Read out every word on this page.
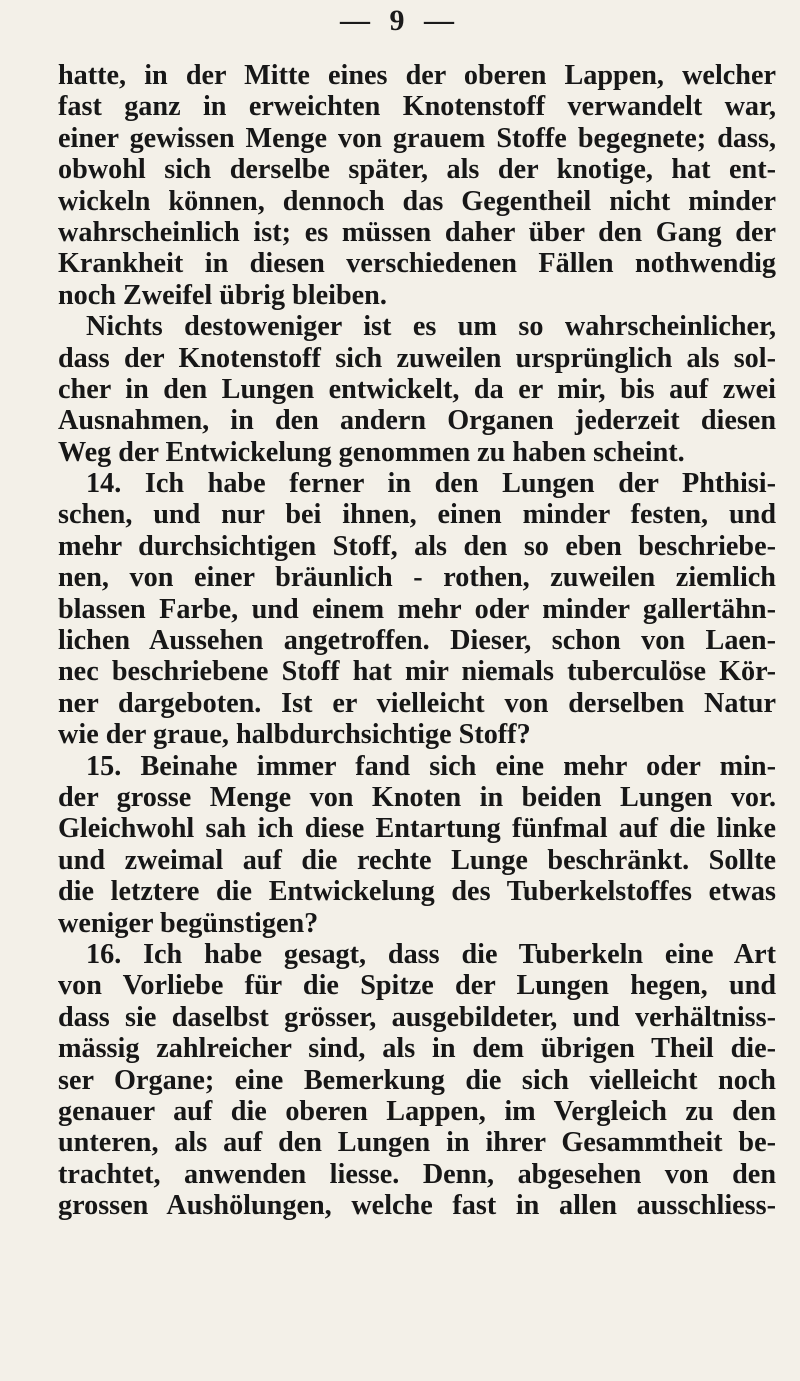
— 9 —
hatte, in der Mitte eines der oberen Lappen, welcher
fast ganz in erweichten Knotenstoff verwandelt war,
einer gewissen Menge von grauem Stoffe begegnete; dass,
obwohl sich derselbe später, als der knotige, hat ent-
wickeln können, dennoch das Gegentheil nicht minder
wahrscheinlich ist; es müssen daher über den Gang der
Krankheit in diesen verschiedenen Fällen nothwendig
noch Zweifel übrig bleiben.
Nichts destoweniger ist es um so wahrscheinlicher,
dass der Knotenstoff sich zuweilen ursprünglich als sol-
cher in den Lungen entwickelt, da er mir, bis auf zwei
Ausnahmen, in den andern Organen jederzeit diesen
Weg der Entwickelung genommen zu haben scheint.
14. Ich habe ferner in den Lungen der Phthisi-
schen, und nur bei ihnen, einen minder festen, und
mehr durchsichtigen Stoff, als den so eben beschriebe-
nen, von einer bräunlich - rothen, zuweilen ziemlich
blassen Farbe, und einem mehr oder minder gallertähn-
lichen Aussehen angetroffen. Dieser, schon von Laen-
nec beschriebene Stoff hat mir niemals tuberculöse Kör-
ner dargeboten. Ist er vielleicht von derselben Natur
wie der graue, halbdurchsichtige Stoff?
15. Beinahe immer fand sich eine mehr oder min-
der grosse Menge von Knoten in beiden Lungen vor.
Gleichwohl sah ich diese Entartung fünfmal auf die linke
und zweimal auf die rechte Lunge beschränkt. Sollte
die letztere die Entwickelung des Tuberkelstoffes etwas
weniger begünstigen?
16. Ich habe gesagt, dass die Tuberkeln eine Art
von Vorliebe für die Spitze der Lungen hegen, und
dass sie daselbst grösser, ausgebildeter, und verhältniss-
mässig zahlreicher sind, als in dem übrigen Theil die-
ser Organe; eine Bemerkung die sich vielleicht noch
genauer auf die oberen Lappen, im Vergleich zu den
unteren, als auf den Lungen in ihrer Gesammtheit be-
trachtet, anwenden liesse. Denn, abgesehen von den
grossen Aushölungen, welche fast in allen ausschliess-
